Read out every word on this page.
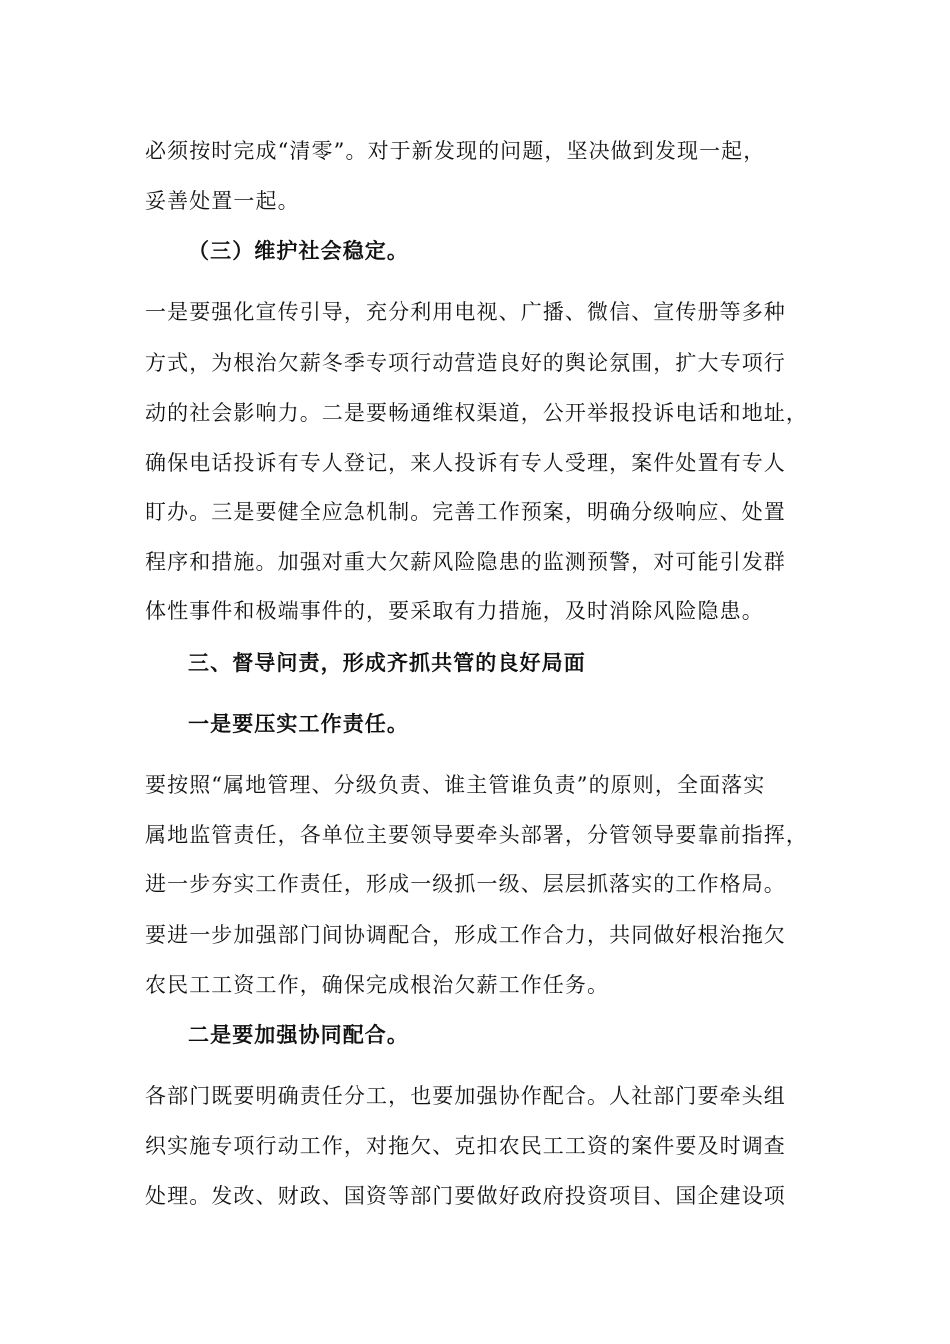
必须按时完成“清零”。对于新发现的问题，坚决做到发现一起，
妥善处置一起。
（三）维护社会稳定。
一是要强化宣传引导，充分利用电视、广播、微信、宣传册等多种
方式，为根治欠薪冬季专项行动营造良好的舆论氛围，扩大专项行
动的社会影响力。二是要畅通维权渠道，公开举报投诉电话和地址，
确保电话投诉有专人登记，来人投诉有专人受理，案件处置有专人
盯办。三是要健全应急机制。完善工作预案，明确分级响应、处置
程序和措施。加强对重大欠薪风险隐患的监测预警，对可能引发群
体性事件和极端事件的，要采取有力措施，及时消除风险隐患。
三、督导问责，形成齐抓共管的良好局面
一是要压实工作责任。
要按照“属地管理、分级负责、谁主管谁负责”的原则，全面落实
属地监管责任，各单位主要领导要牵头部署，分管领导要靠前指挥，
进一步夯实工作责任，形成一级抓一级、层层抓落实的工作格局。
要进一步加强部门间协调配合，形成工作合力，共同做好根治拖欠
农民工工资工作，确保完成根治欠薪工作任务。
二是要加强协同配合。
各部门既要明确责任分工，也要加强协作配合。人社部门要牵头组
织实施专项行动工作，对拖欠、克扣农民工工资的案件要及时调查
处理。发改、财政、国资等部门要做好政府投资项目、国企建设项
